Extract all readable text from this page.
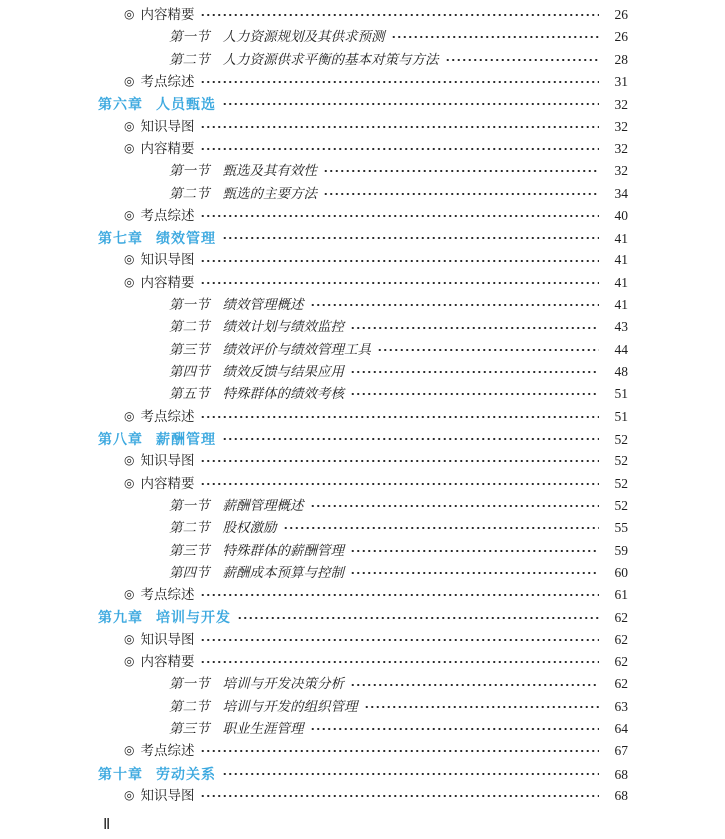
◎ 内容精要	26
第一节 人力资源规划及其供求预测	26
第二节 人力资源供求平衡的基本对策与方法	28
◎ 考点综述	31
第六章 人员甄选	32
◎ 知识导图	32
◎ 内容精要	32
第一节 甄选及其有效性	32
第二节 甄选的主要方法	34
◎ 考点综述	40
第七章 绩效管理	41
◎ 知识导图	41
◎ 内容精要	41
第一节 绩效管理概述	41
第二节 绩效计划与绩效监控	43
第三节 绩效评价与绩效管理工具	44
第四节 绩效反馈与结果应用	48
第五节 特殊群体的绩效考核	51
◎ 考点综述	51
第八章 薪酬管理	52
◎ 知识导图	52
◎ 内容精要	52
第一节 薪酬管理概述	52
第二节 股权激励	55
第三节 特殊群体的薪酬管理	59
第四节 薪酬成本预算与控制	60
◎ 考点综述	61
第九章 培训与开发	62
◎ 知识导图	62
◎ 内容精要	62
第一节 培训与开发决策分析	62
第二节 培训与开发的组织管理	63
第三节 职业生涯管理	64
◎ 考点综述	67
第十章 劳动关系	68
◎ 知识导图	68
Ⅱ
